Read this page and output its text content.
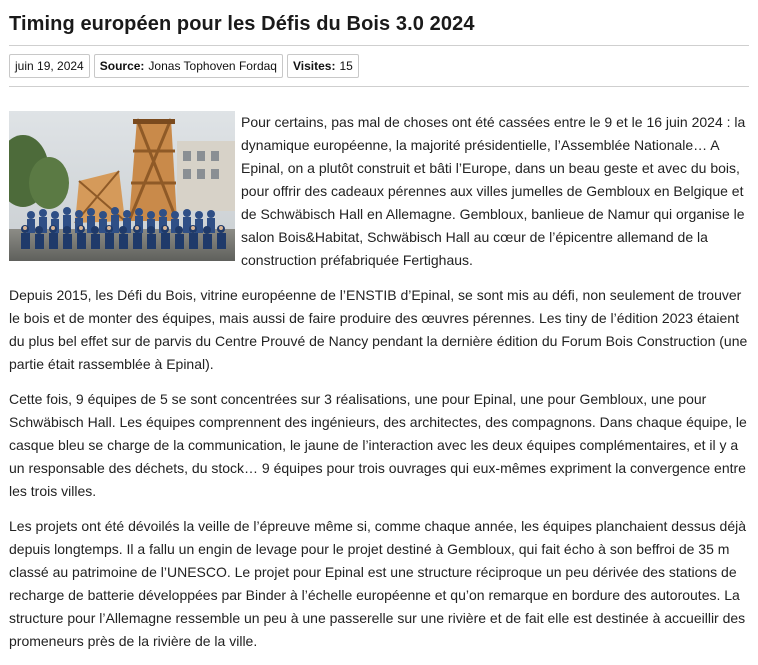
Timing européen pour les Défis du Bois 3.0 2024
juin 19, 2024	Source: Jonas Tophoven Fordaq	Visites: 15

Pour certains, pas mal de choses ont été cassées entre le 9 et le 16 juin 2024 : la dynamique européenne, la majorité présidentielle, l’Assemblée Nationale… A Epinal, on a plutôt construit et bâti l’Europe, dans un beau geste et avec du bois, pour offrir des cadeaux pérennes aux villes jumelles de Gembloux en Belgique et de Schwäbisch Hall en Allemagne. Gembloux, banlieue de Namur qui organise le salon Bois&Habitat, Schwäbisch Hall au cœur de l’épicentre allemand de la construction préfabriquée Fertighaus.

Depuis 2015, les Défi du Bois, vitrine européenne de l’ENSTIB d’Epinal, se sont mis au défi, non seulement de trouver le bois et de monter des équipes, mais aussi de faire produire des œuvres pérennes. Les tiny de l’édition 2023 étaient du plus bel effet sur de parvis du Centre Prouvé de Nancy pendant la dernière édition du Forum Bois Construction (une partie était rassemblée à Epinal).

Cette fois, 9 équipes de 5 se sont concentrées sur 3 réalisations, une pour Epinal, une pour Gembloux, une pour Schwäbisch Hall. Les équipes comprennent des ingénieurs, des architectes, des compagnons. Dans chaque équipe, le casque bleu se charge de la communication, le jaune de l’interaction avec les deux équipes complémentaires, et il y a un responsable des déchets, du stock… 9 équipes pour trois ouvrages qui eux-mêmes expriment la convergence entre les trois villes.

Les projets ont été dévoilés la veille de l’épreuve même si, comme chaque année, les équipes planchaient dessus déjà depuis longtemps. Il a fallu un engin de levage pour le projet destiné à Gembloux, qui fait écho à son beffroi de 35 m classé au patrimoine de l’UNESCO. Le projet pour Epinal est une structure réciproque un peu dérivée des stations de recharge de batterie développées par Binder à l’échelle européenne et qu’on remarque en bordure des autoroutes. La structure pour l’Allemagne ressemble un peu à une passerelle sur une rivière et de fait elle est destinée à accueillir des promeneurs près de la rivière de la ville.
